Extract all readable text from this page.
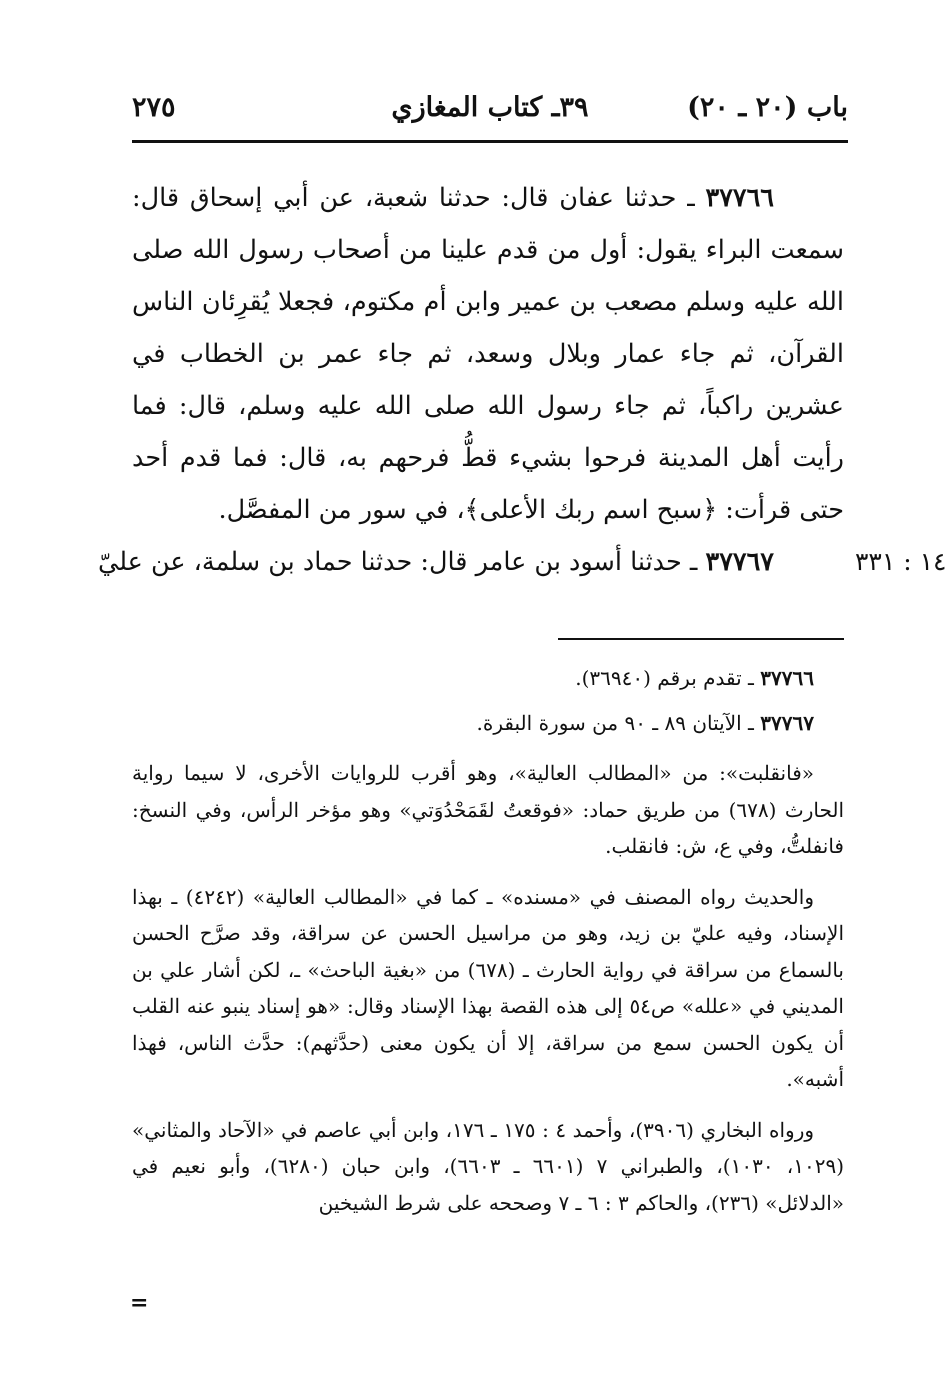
باب (٢٠ ـ ٢٠)
٣٩ـ كتاب المغازي
٢٧٥

٣٧٧٦٦ ـ حدثنا عفان قال: حدثنا شعبة، عن أبي إسحاق قال: سمعت البراء يقول: أول من قدم علينا من أصحاب رسول الله صلى الله عليه وسلم مصعب بن عمير وابن أم مكتوم، فجعلا يُقرِئان الناس القرآن، ثم جاء عمار وبلال وسعد، ثم جاء عمر بن الخطاب في عشرين راكباً، ثم جاء رسول الله صلى الله عليه وسلم، قال: فما رأيت أهل المدينة فرحوا بشيء قطُّ فرحهم به، قال: فما قدم أحد حتى قرأت: ﴿سبح اسم ربك الأعلى﴾، في سور من المفصَّل.

٣٧٧٦٧ ـ حدثنا أسود بن عامر قال: حدثنا حماد بن سلمة، عن عليّ	١٤ : ٣٣١

٣٧٧٦٦ ـ تقدم برقم (٣٦٩٤٠).

٣٧٧٦٧ ـ الآيتان ٨٩ ـ ٩٠ من سورة البقرة.

«فانقلبت»: من «المطالب العالية»، وهو أقرب للروايات الأخرى، لا سيما رواية الحارث (٦٧٨) من طريق حماد: «فوقعتُ لقَمَحْدُوَتي» وهو مؤخر الرأس، وفي النسخ: فانفلتُّ، وفي ع، ش: فانقلب.

والحديث رواه المصنف في «مسنده» ـ كما في «المطالب العالية» (٤٢٤٢) ـ بهذا الإسناد، وفيه عليّ بن زيد، وهو من مراسيل الحسن عن سراقة، وقد صرَّح الحسن بالسماع من سراقة في رواية الحارث ـ (٦٧٨) من «بغية الباحث» ـ، لكن أشار علي بن المديني في «علله» ص٥٤ إلى هذه القصة بهذا الإسناد وقال: «هو إسناد ينبو عنه القلب أن يكون الحسن سمع من سراقة، إلا أن يكون معنى (حدَّثهم): حدَّث الناس، فهذا أشبه».

ورواه البخاري (٣٩٠٦)، وأحمد ٤ : ١٧٥ ـ ١٧٦، وابن أبي عاصم في «الآحاد والمثاني» (١٠٢٩، ١٠٣٠)، والطبراني ٧ (٦٦٠١ ـ ٦٦٠٣)، وابن حبان (٦٢٨٠)، وأبو نعيم في «الدلائل» (٢٣٦)، والحاكم ٣ : ٦ ـ ٧ وصححه على شرط الشيخين

=
